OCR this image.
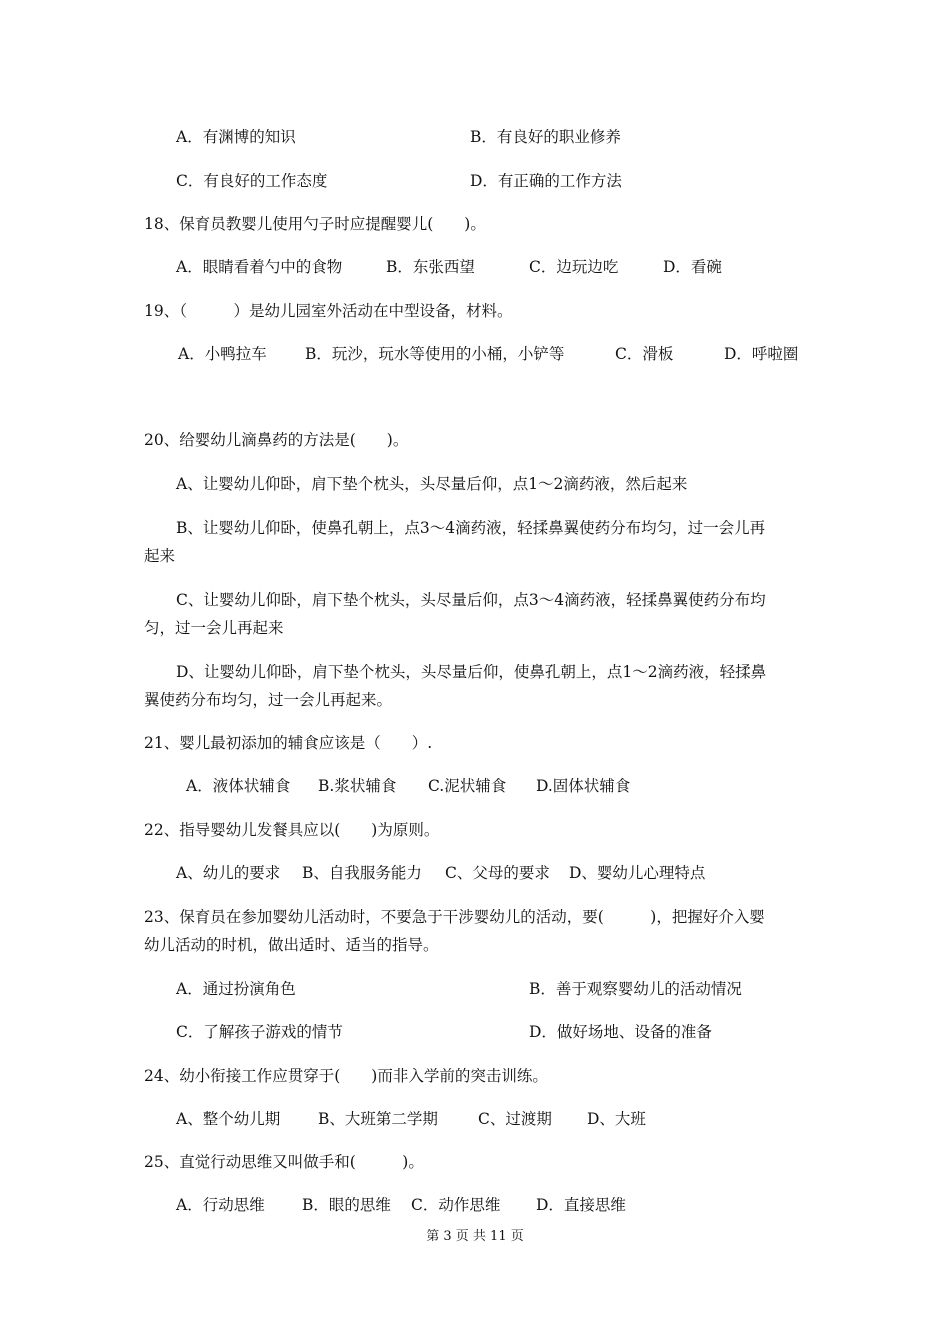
A．有渊博的知识	B．有良好的职业修养
C．有良好的工作态度	D．有正确的工作方法
18、保育员教婴儿使用勺子时应提醒婴儿(　　)。
A．眼睛看着勺中的食物	B．东张西望	C．边玩边吃	D．看碗
19、（　　　）是幼儿园室外活动在中型设备，材料。
A．小鸭拉车 B．玩沙，玩水等使用的小桶，小铲等	C．滑板	D．呼啦圈
20、给婴幼儿滴鼻药的方法是(　　)。
A、让婴幼儿仰卧，肩下垫个枕头，头尽量后仰，点1～2滴药液，然后起来
B、让婴幼儿仰卧，使鼻孔朝上，点3～4滴药液，轻揉鼻翼使药分布均匀，过一会儿再
起来
C、让婴幼儿仰卧，肩下垫个枕头，头尽量后仰，点3～4滴药液，轻揉鼻翼使药分布均
匀，过一会儿再起来
D、让婴幼儿仰卧，肩下垫个枕头，头尽量后仰，使鼻孔朝上，点1～2滴药液，轻揉鼻
翼使药分布均匀，过一会儿再起来。
21、婴儿最初添加的辅食应该是（　　）.
A．液体状辅食 B.浆状辅食 C.泥状辅食 D.固体状辅食
22、指导婴幼儿发餐具应以(　　)为原则。
A、幼儿的要求 B、自我服务能力 C、父母的要求 D、婴幼儿心理特点
23、保育员在参加婴幼儿活动时，不要急于干涉婴幼儿的活动，要(　　　)，把握好介入婴
幼儿活动的时机，做出适时、适当的指导。
A．通过扮演角色	B．善于观察婴幼儿的活动情况
C．了解孩子游戏的情节	D．做好场地、设备的准备
24、幼小衔接工作应贯穿于(　　)而非入学前的突击训练。
A、整个幼儿期 B、大班第二学期	C、过渡期 D、大班
25、直觉行动思维又叫做手和(　　　)。
A．行动思维 B．眼的思维 C．动作思维 D．直接思维
第 3 页 共 11 页
